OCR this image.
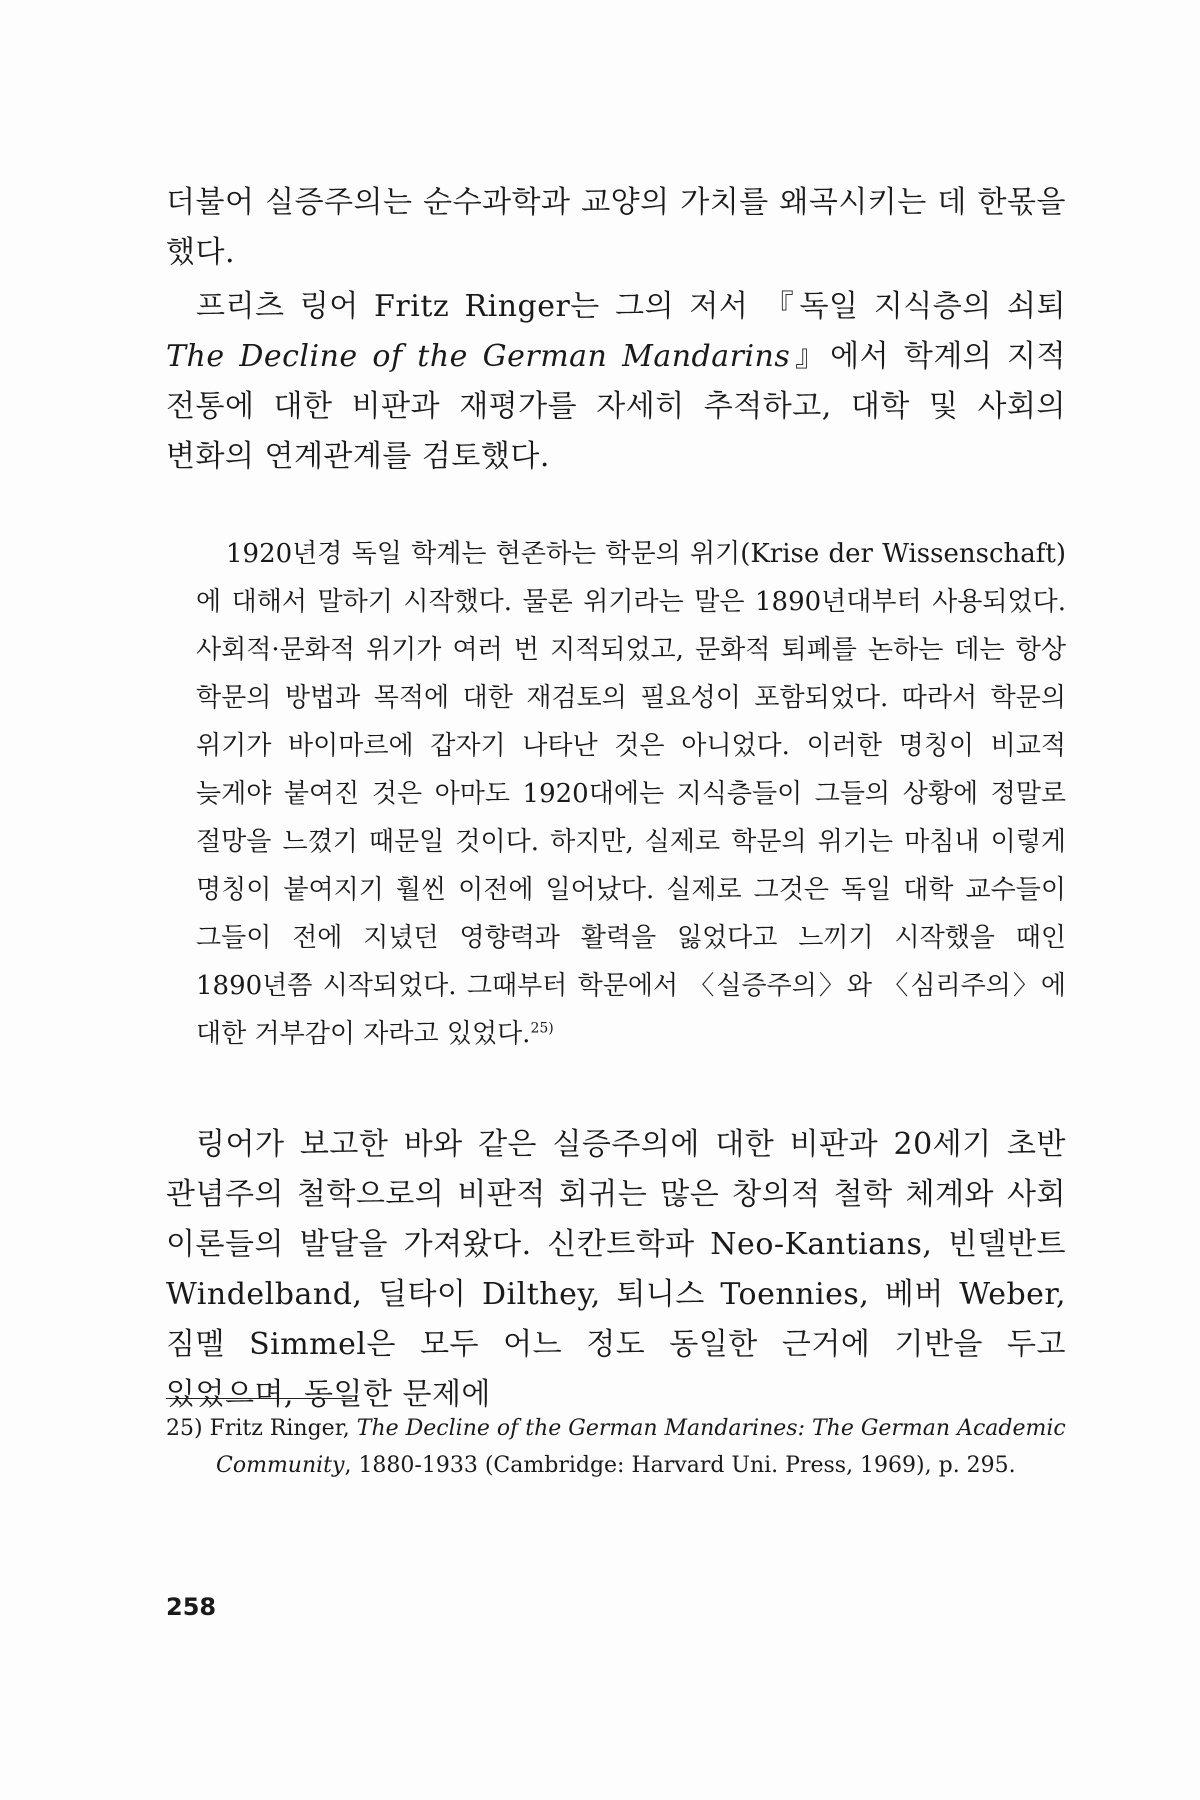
더불어 실증주의는 순수과학과 교양의 가치를 왜곡시키는 데 한몫을 했다.

프리츠 링어 Fritz Ringer는 그의 저서 『독일 지식층의 쇠퇴 The Decline of the German Mandarins』에서 학계의 지적 전통에 대한 비판과 재평가를 자세히 추적하고, 대학 및 사회의 변화의 연계관계를 검토했다.

1920년경 독일 학계는 현존하는 학문의 위기(Krise der Wissenschaft)에 대해서 말하기 시작했다. 물론 위기라는 말은 1890년대부터 사용되었다. 사회적·문화적 위기가 여러 번 지적되었고, 문화적 퇴폐를 논하는 데는 항상 학문의 방법과 목적에 대한 재검토의 필요성이 포함되었다. 따라서 학문의 위기가 바이마르에 갑자기 나타난 것은 아니었다. 이러한 명칭이 비교적 늦게야 붙여진 것은 아마도 1920대에는 지식층들이 그들의 상황에 정말로 절망을 느꼈기 때문일 것이다. 하지만, 실제로 학문의 위기는 마침내 이렇게 명칭이 붙여지기 훨씬 이전에 일어났다. 실제로 그것은 독일 대학 교수들이 그들이 전에 지녔던 영향력과 활력을 잃었다고 느끼기 시작했을 때인 1890년쯤 시작되었다. 그때부터 학문에서 〈실증주의〉와 〈심리주의〉에 대한 거부감이 자라고 있었다.$^{25)}$

링어가 보고한 바와 같은 실증주의에 대한 비판과 20세기 초반 관념주의 철학으로의 비판적 회귀는 많은 창의적 철학 체계와 사회 이론들의 발달을 가져왔다. 신칸트학파 Neo-Kantians, 빈델반트 Windelband, 딜타이 Dilthey, 퇴니스 Toennies, 베버 Weber, 짐멜 Simmel은 모두 어느 정도 동일한 근거에 기반을 두고 있었으며, 동일한 문제에

25) Fritz Ringer, The Decline of the German Mandarines: The German Academic Community, 1880-1933 (Cambridge: Harvard Uni. Press, 1969), p. 295.

258
